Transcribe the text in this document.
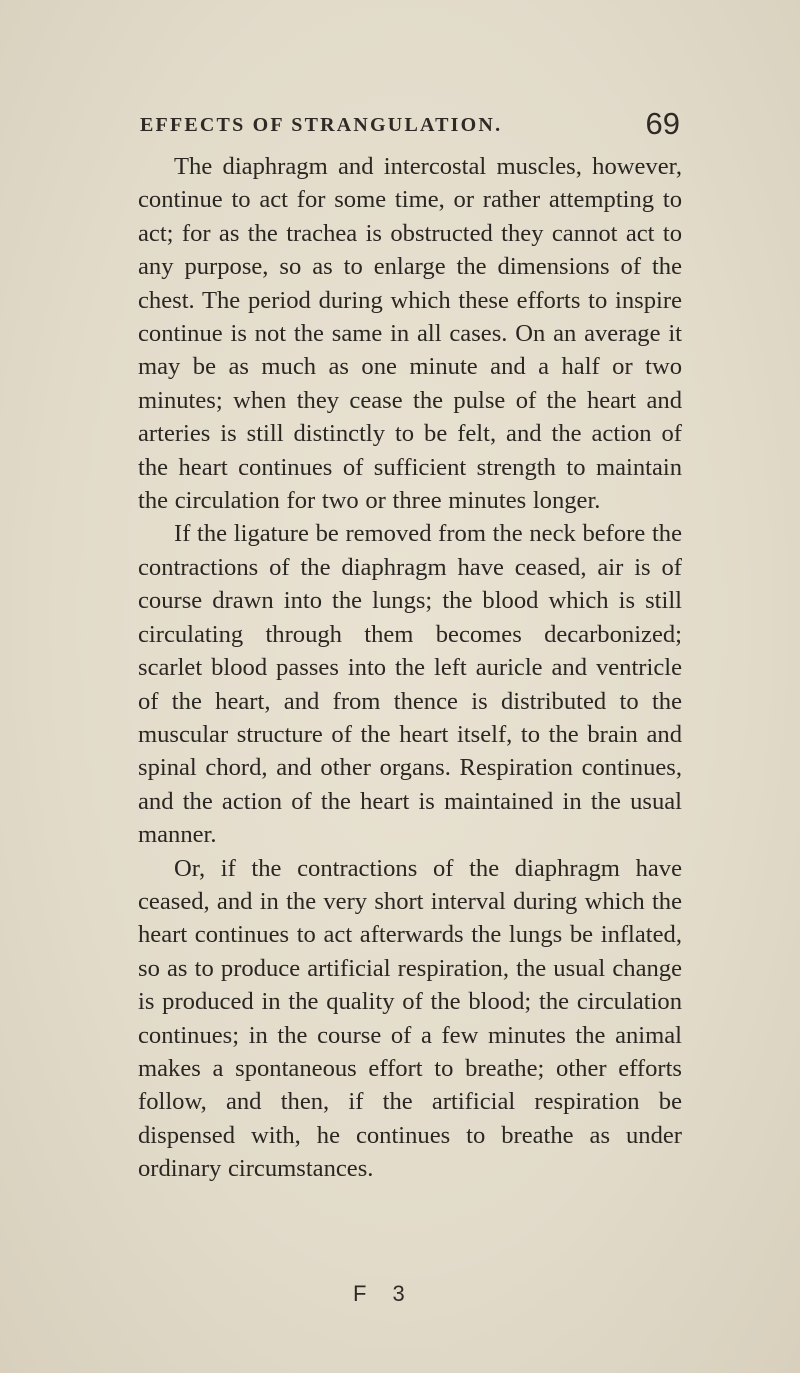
EFFECTS OF STRANGULATION.	69

The diaphragm and intercostal muscles, however, continue to act for some time, or rather attempting to act; for as the trachea is obstructed they cannot act to any purpose, so as to enlarge the dimensions of the chest. The period during which these efforts to inspire continue is not the same in all cases. On an average it may be as much as one minute and a half or two minutes; when they cease the pulse of the heart and arteries is still distinctly to be felt, and the action of the heart continues of sufficient strength to maintain the circulation for two or three minutes longer.

If the ligature be removed from the neck before the contractions of the diaphragm have ceased, air is of course drawn into the lungs; the blood which is still circulating through them becomes decarbonized; scarlet blood passes into the left auricle and ventricle of the heart, and from thence is distributed to the muscular structure of the heart itself, to the brain and spinal chord, and other organs. Respiration continues, and the action of the heart is maintained in the usual manner.

Or, if the contractions of the diaphragm have ceased, and in the very short interval during which the heart continues to act afterwards the lungs be inflated, so as to produce artificial respiration, the usual change is produced in the quality of the blood; the circulation continues; in the course of a few minutes the animal makes a spontaneous effort to breathe; other efforts follow, and then, if the artificial respiration be dispensed with, he continues to breathe as under ordinary circumstances.

F 3
